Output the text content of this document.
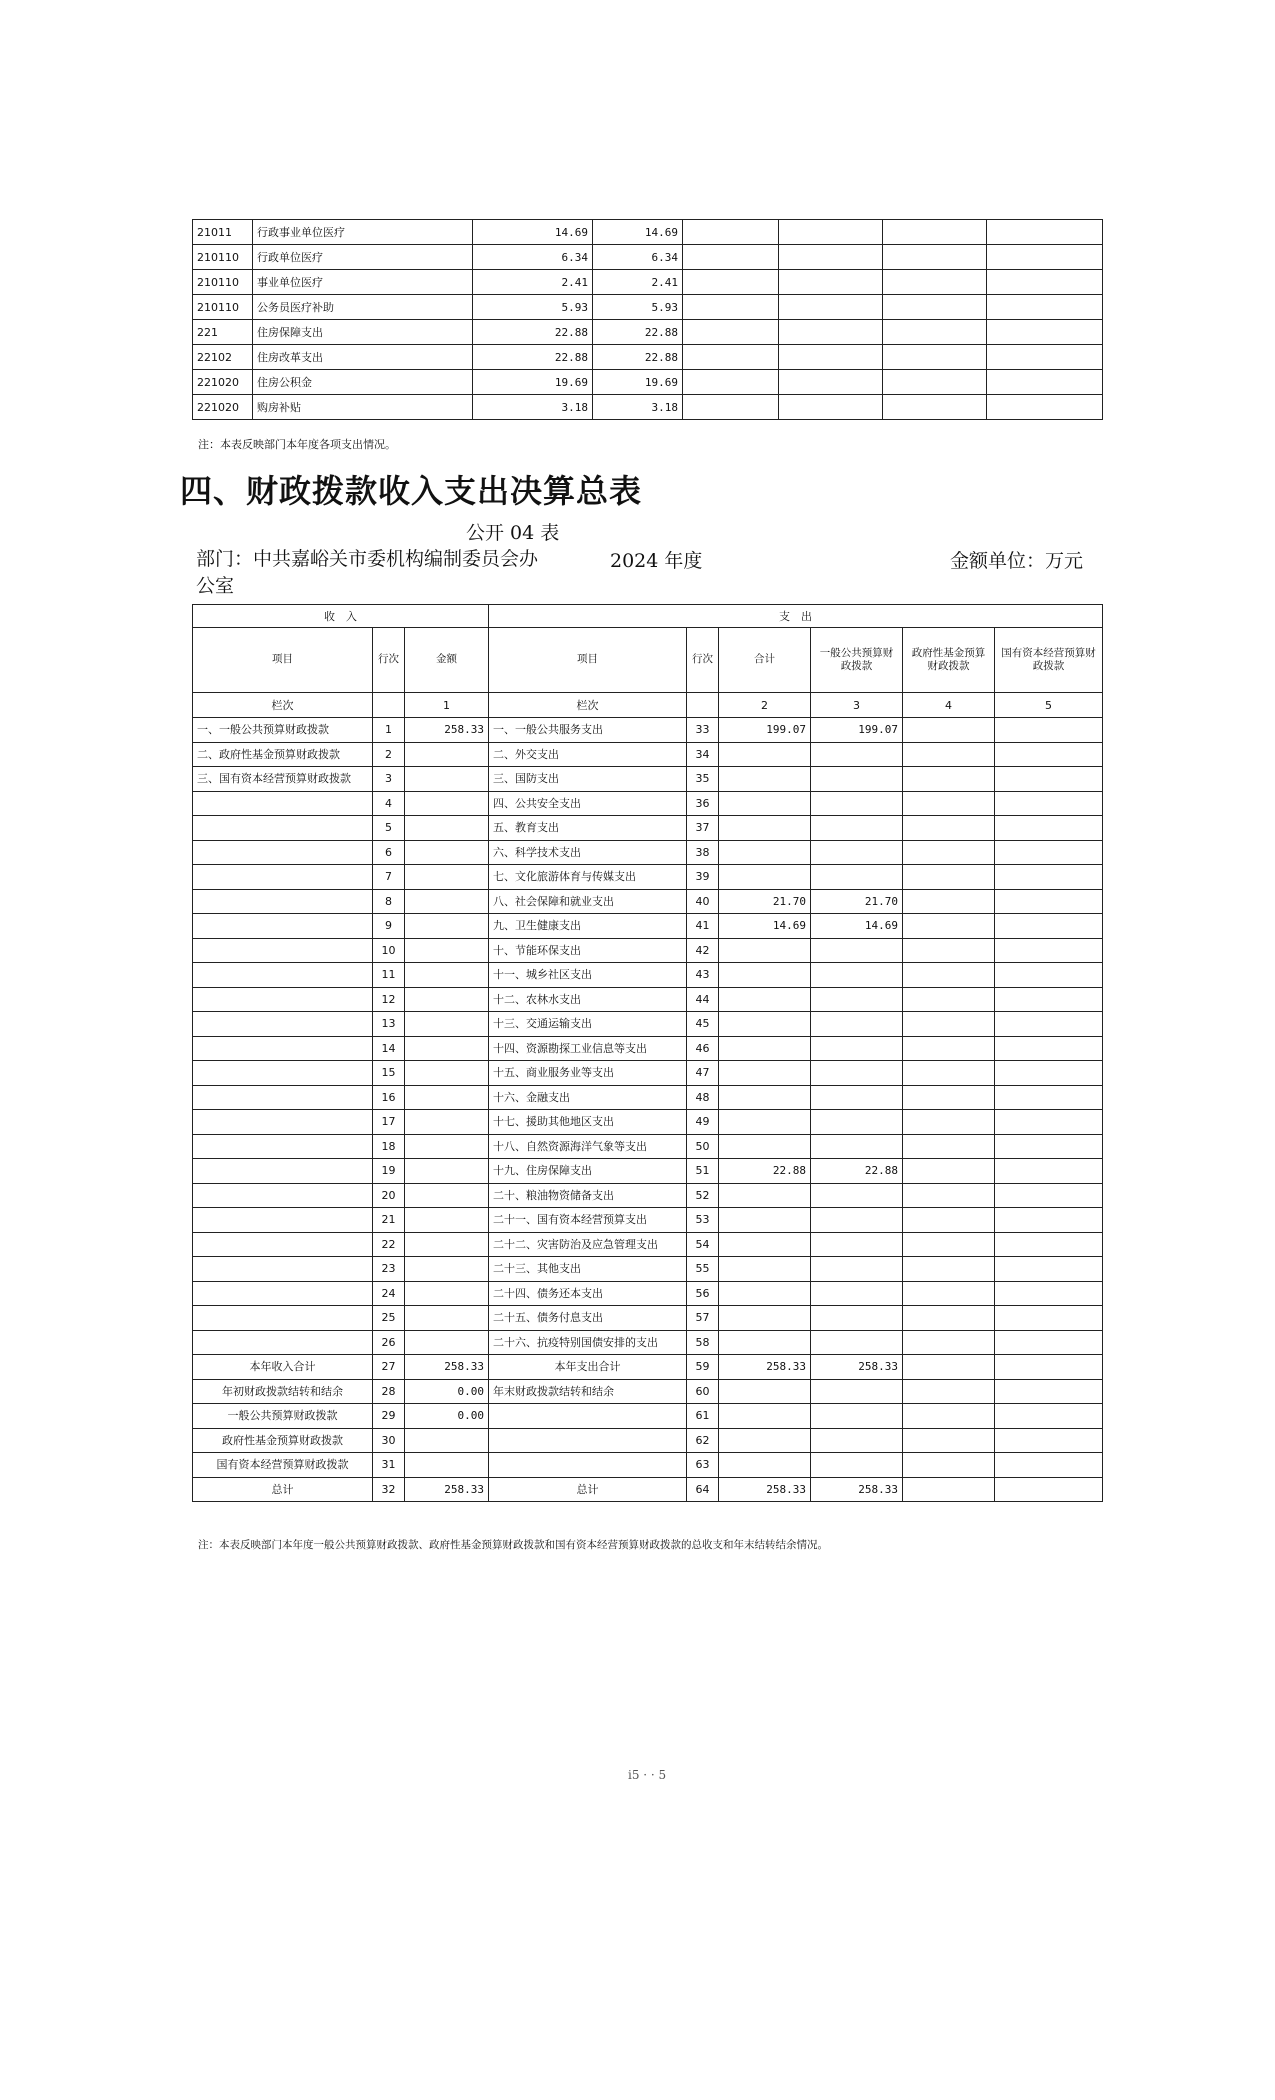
21011	行政事业单位医疗	14.69	14.69				
210110	行政单位医疗	6.34	6.34				
210110	事业单位医疗	2.41	2.41				
210110	公务员医疗补助	5.93	5.93				
221	住房保障支出	22.88	22.88				
22102	住房改革支出	22.88	22.88				
221020	住房公积金	19.69	19.69				
221020	购房补贴	3.18	3.18				
注：本表反映部门本年度各项支出情况。
四、财政拨款收入支出决算总表
公开 04 表
部门：中共嘉峪关市委机构编制委员会办公室
2024 年度	金额单位：万元
收　入			支　出					
项目	行次	金额	项目	行次	合计	一般公共预算财政拨款	政府性基金预算财政拨款	国有资本经营预算财政拨款
栏次		1	栏次		2	3	4	5
一、一般公共预算财政拨款	1	258.33	一、一般公共服务支出	33	199.07	199.07		
二、政府性基金预算财政拨款	2		二、外交支出	34				
三、国有资本经营预算财政拨款	3		三、国防支出	35				
	4		四、公共安全支出	36				
	5		五、教育支出	37				
	6		六、科学技术支出	38				
	7		七、文化旅游体育与传媒支出	39				
	8		八、社会保障和就业支出	40	21.70	21.70		
	9		九、卫生健康支出	41	14.69	14.69		
	10		十、节能环保支出	42				
	11		十一、城乡社区支出	43				
	12		十二、农林水支出	44				
	13		十三、交通运输支出	45				
	14		十四、资源勘探工业信息等支出	46				
	15		十五、商业服务业等支出	47				
	16		十六、金融支出	48				
	17		十七、援助其他地区支出	49				
	18		十八、自然资源海洋气象等支出	50				
	19		十九、住房保障支出	51	22.88	22.88		
	20		二十、粮油物资储备支出	52				
	21		二十一、国有资本经营预算支出	53				
	22		二十二、灾害防治及应急管理支出	54				
	23		二十三、其他支出	55				
	24		二十四、债务还本支出	56				
	25		二十五、债务付息支出	57				
	26		二十六、抗疫特别国债安排的支出	58				
本年收入合计	27	258.33	本年支出合计	59	258.33	258.33		
年初财政拨款结转和结余	28	0.00	年末财政拨款结转和结余	60				
一般公共预算财政拨款	29	0.00		61				
政府性基金预算财政拨款	30			62				
国有资本经营预算财政拨款	31			63				
总计	32	258.33	总计	64	258.33	258.33		
注：本表反映部门本年度一般公共预算财政拨款、政府性基金预算财政拨款和国有资本经营预算财政拨款的总收支和年末结转结余情况。
i5 · · 5
